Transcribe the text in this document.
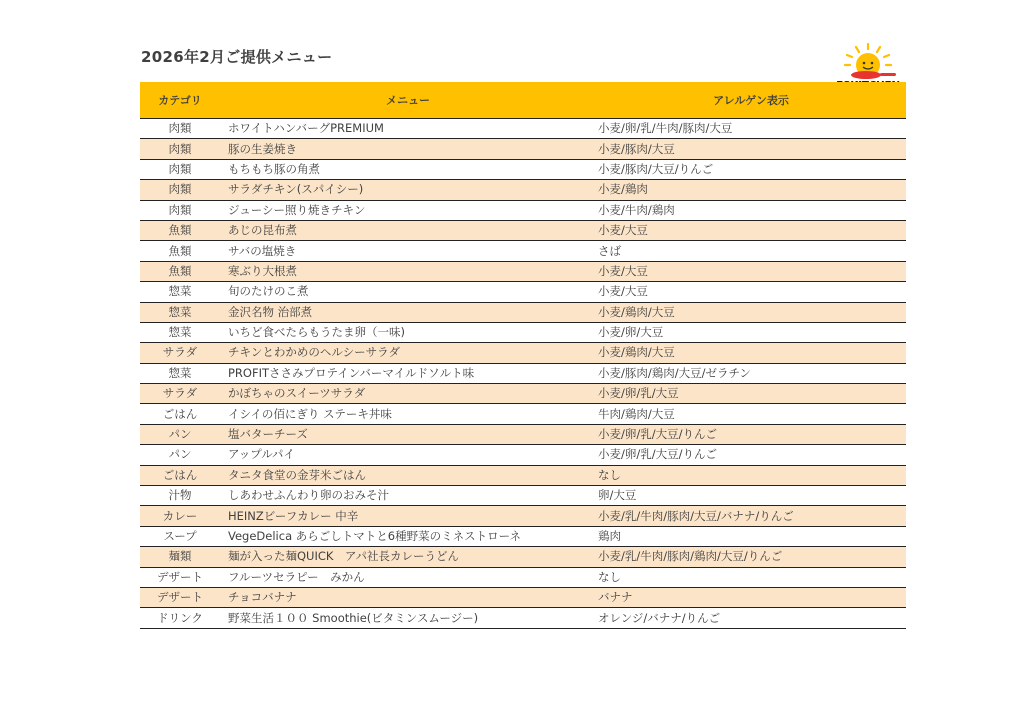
2026年2月ご提供メニュー
カテゴリ	メニュー	アレルゲン表示
肉類	ホワイトハンバーグPREMIUM	小麦/卵/乳/牛肉/豚肉/大豆
肉類	豚の生姜焼き	小麦/豚肉/大豆
肉類	もちもち豚の角煮	小麦/豚肉/大豆/りんご
肉類	サラダチキン(スパイシー)	小麦/鶏肉
肉類	ジューシー照り焼きチキン	小麦/牛肉/鶏肉
魚類	あじの昆布煮	小麦/大豆
魚類	サバの塩焼き	さば
魚類	寒ぶり大根煮	小麦/大豆
惣菜	旬のたけのこ煮	小麦/大豆
惣菜	金沢名物 治部煮	小麦/鶏肉/大豆
惣菜	いちど食べたらもうたま卵（一味)	小麦/卵/大豆
サラダ	チキンとわかめのヘルシーサラダ	小麦/鶏肉/大豆
惣菜	PROFITささみプロテインバーマイルドソルト味	小麦/豚肉/鶏肉/大豆/ゼラチン
サラダ	かぼちゃのスイーツサラダ	小麦/卵/乳/大豆
ごはん	イシイの佰にぎり ステーキ丼味	牛肉/鶏肉/大豆
パン	塩バターチーズ	小麦/卵/乳/大豆/りんご
パン	アップルパイ	小麦/卵/乳/大豆/りんご
ごはん	タニタ食堂の金芽米ごはん	なし
汁物	しあわせふんわり卵のおみそ汁	卵/大豆
カレー	HEINZビーフカレー 中辛	小麦/乳/牛肉/豚肉/大豆/バナナ/りんご
スープ	VegeDelica あらごしトマトと6種野菜のミネストローネ	鶏肉
麺類	麺が入った麺QUICK　アパ社長カレーうどん	小麦/乳/牛肉/豚肉/鶏肉/大豆/りんご
デザート	フルーツセラピー　みかん	なし
デザート	チョコバナナ	バナナ
ドリンク	野菜生活１００ Smoothie(ビタミンスムージー)	オレンジ/バナナ/りんご
